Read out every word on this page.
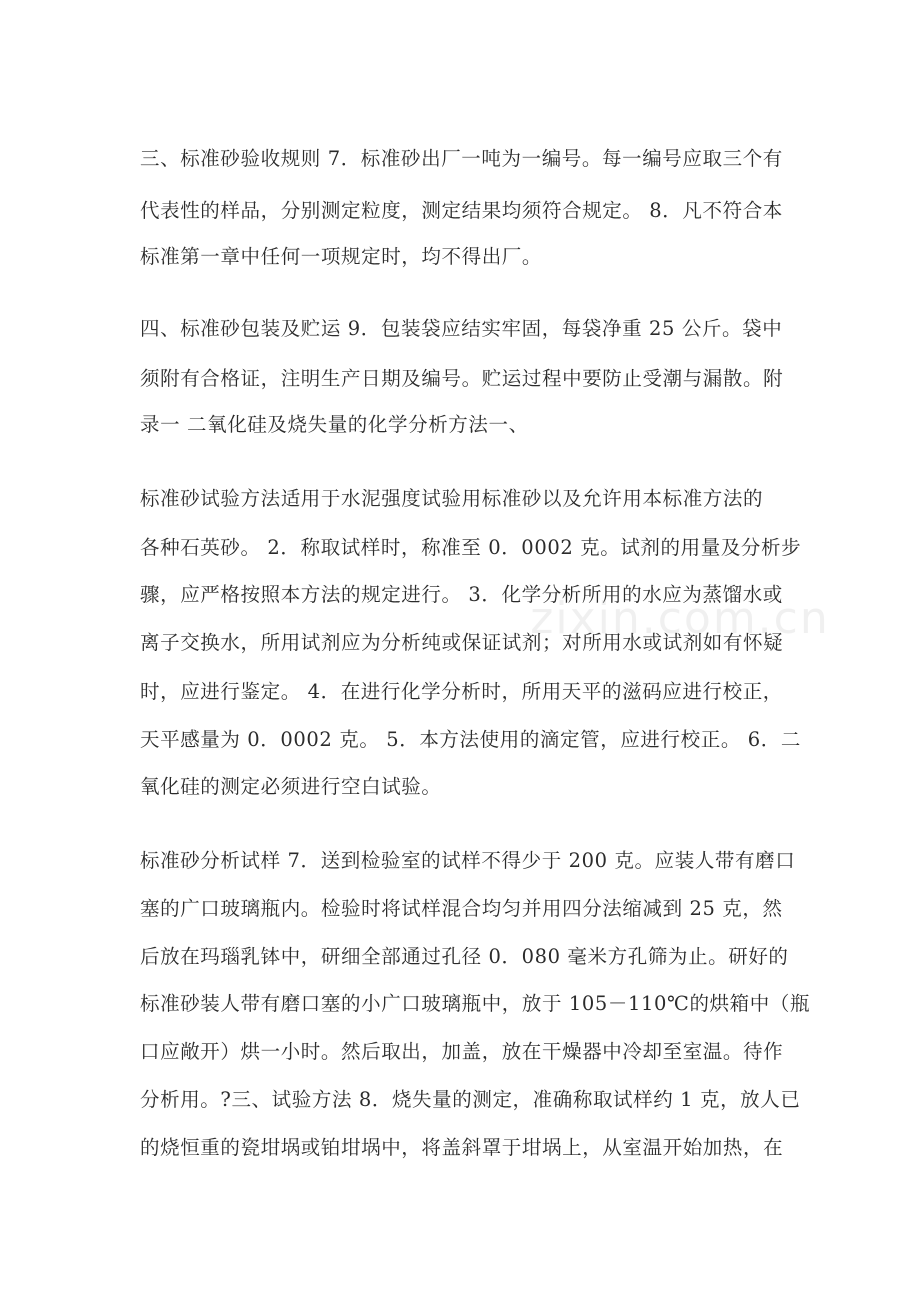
三、标准砂验收规则 7．标准砂出厂一吨为一编号。每一编号应取三个有

代表性的样品，分别测定粒度，测定结果均须符合规定。 8．凡不符合本

标准第一章中任何一项规定时，均不得出厂。

四、标准砂包装及贮运 9．包装袋应结实牢固，每袋净重 25 公斤。袋中

须附有合格证，注明生产日期及编号。贮运过程中要防止受潮与漏散。附

录一 二氧化硅及烧失量的化学分析方法一、

标准砂试验方法适用于水泥强度试验用标准砂以及允许用本标准方法的

各种石英砂。 2．称取试样时，称准至 0．0002 克。试剂的用量及分析步

骤，应严格按照本方法的规定进行。 3．化学分析所用的水应为蒸馏水或

离子交换水，所用试剂应为分析纯或保证试剂；对所用水或试剂如有怀疑

时，应进行鉴定。 4．在进行化学分析时，所用天平的滋码应进行校正，

天平感量为 0．0002 克。 5．本方法使用的滴定管，应进行校正。 6．二

氧化硅的测定必须进行空白试验。

标准砂分析试样 7．送到检验室的试样不得少于 200 克。应装人带有磨口

塞的广口玻璃瓶内。检验时将试样混合均匀并用四分法缩减到 25 克，然

后放在玛瑙乳钵中，研细全部通过孔径 0．080 毫米方孔筛为止。研好的

标准砂装人带有磨口塞的小广口玻璃瓶中，放于 105－110℃的烘箱中（瓶

口应敞开）烘一小时。然后取出，加盖，放在干燥器中冷却至室温。待作

分析用。?三、试验方法 8．烧失量的测定，准确称取试样约 1 克，放人已

的烧恒重的瓷坩埚或铂坩埚中，将盖斜罩于坩埚上，从室温开始加热，在

zixin.com.cn
